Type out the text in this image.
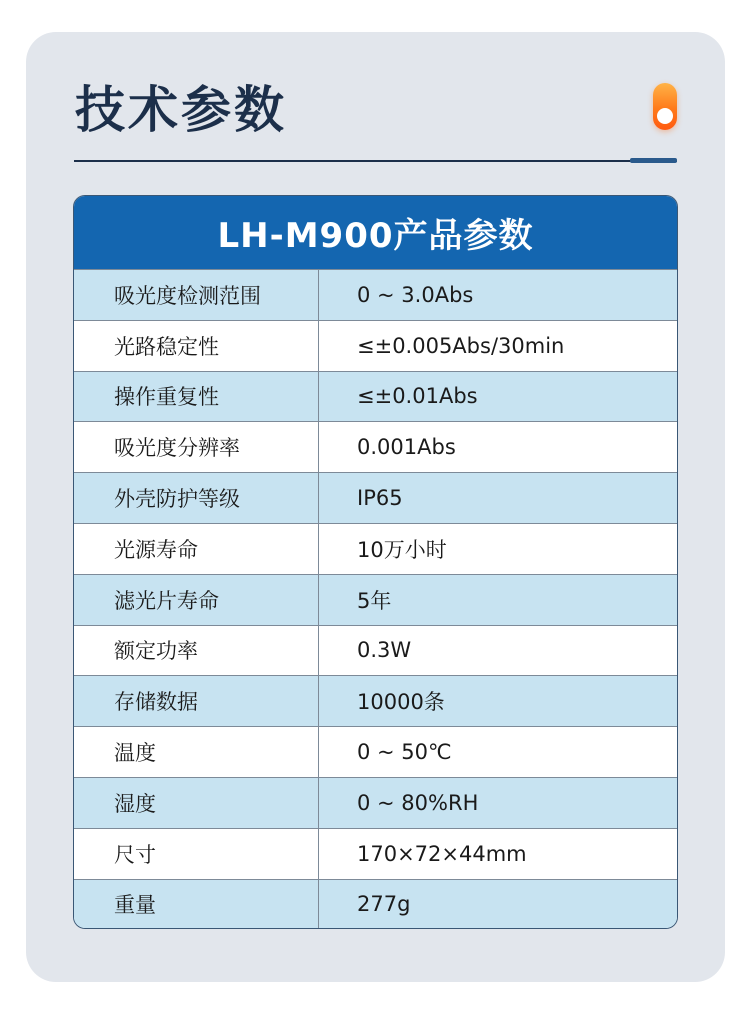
技术参数
LH-M900产品参数
吸光度检测范围	0 ~ 3.0Abs
光路稳定性	≤±0.005Abs/30min
操作重复性	≤±0.01Abs
吸光度分辨率	0.001Abs
外壳防护等级	IP65
光源寿命	10万小时
滤光片寿命	5年
额定功率	0.3W
存储数据	10000条
温度	0 ~ 50℃
湿度	0 ~ 80%RH
尺寸	170×72×44mm
重量	277g
